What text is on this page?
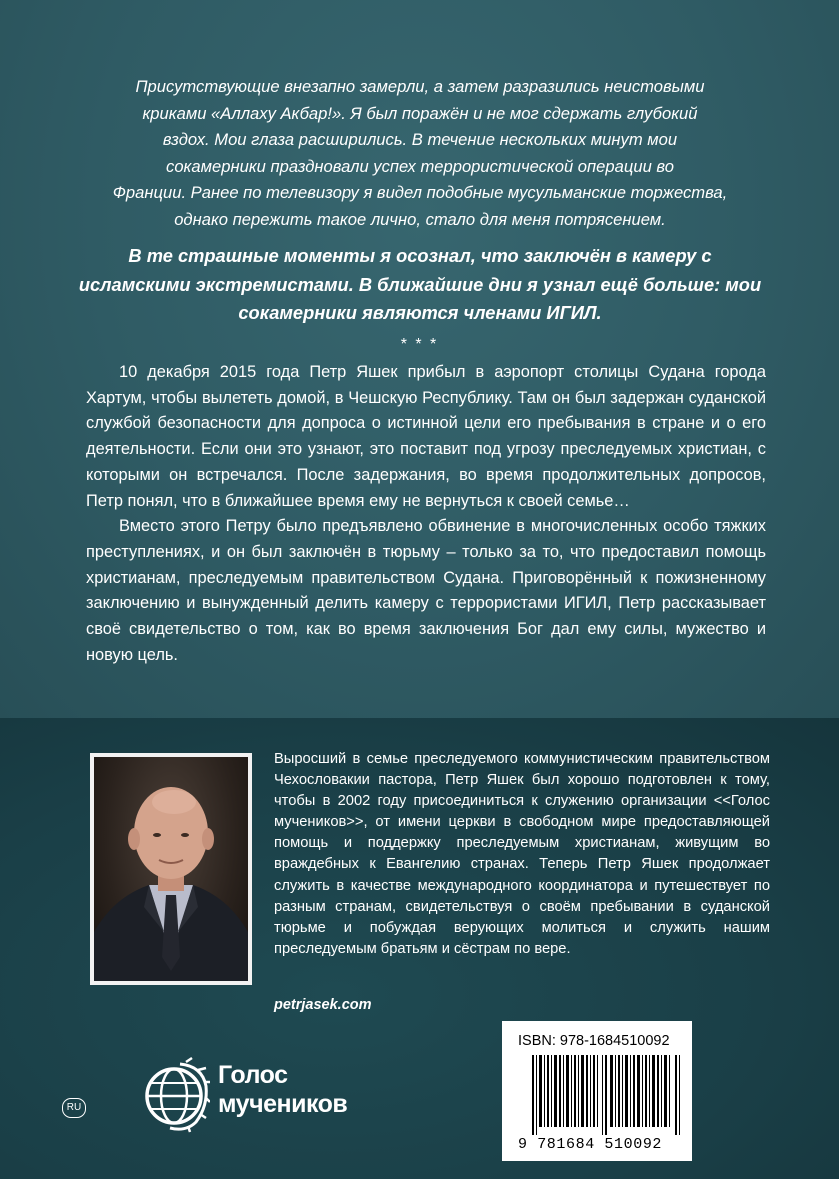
Присутствующие внезапно замерли, а затем разразились неистовыми
криками «Аллаху Акбар!». Я был поражён и не мог сдержать глубокий
вздох. Мои глаза расширились. В течение нескольких минут мои
сокамерники праздновали успех террористической операции во
Франции. Ранее по телевизору я видел подобные мусульманские торжества,
однако пережить такое лично, стало для меня потрясением.
В те страшные моменты я осознал, что заключён в камеру с
исламскими экстремистами. В ближайшие дни я узнал ещё больше: мои
сокамерники являются членами ИГИЛ.
* * *

10 декабря 2015 года Петр Яшек прибыл в аэропорт столицы Судана города Хартум, чтобы вылететь домой, в Чешскую Республику. Там он был задержан суданской службой безопасности для допроса о истинной цели его пребывания в стране и о его деятельности. Если они это узнают, это поставит под угрозу преследуемых христиан, с которыми он встречался. После задержания, во время продолжительных допросов, Петр понял, что в ближайшее время ему не вернуться к своей семье…

Вместо этого Петру было предъявлено обвинение в многочисленных особо тяжких преступлениях, и он был заключён в тюрьму – только за то, что предоставил помощь христианам, преследуемым правительством Судана. Приговорённый к пожизненному заключению и вынужденный делить камеру с террористами ИГИЛ, Петр рассказывает своё свидетельство о том, как во время заключения Бог дал ему силы, мужество и новую цель.

Выросший в семье преследуемого коммунистическим правительством Чехословакии пастора, Петр Яшек был хорошо подготовлен к тому, чтобы в 2002 году присоединиться к служению организации <<Голос мучеников>>, от имени церкви в свободном мире предоставляющей помощь и поддержку преследуемым христианам, живущим во враждебных к Евангелию странах. Теперь Петр Яшек продолжает служить в качестве международного координатора и путешествует по разным странам, свидетельствуя о своём пребывании в суданской тюрьме и побуждая верующих молиться и служить нашим преследуемым братьям и сёстрам по вере.
petrjasek.com
Голос
мучеников
RU
ISBN: 978-1684510092
9 781684 510092
